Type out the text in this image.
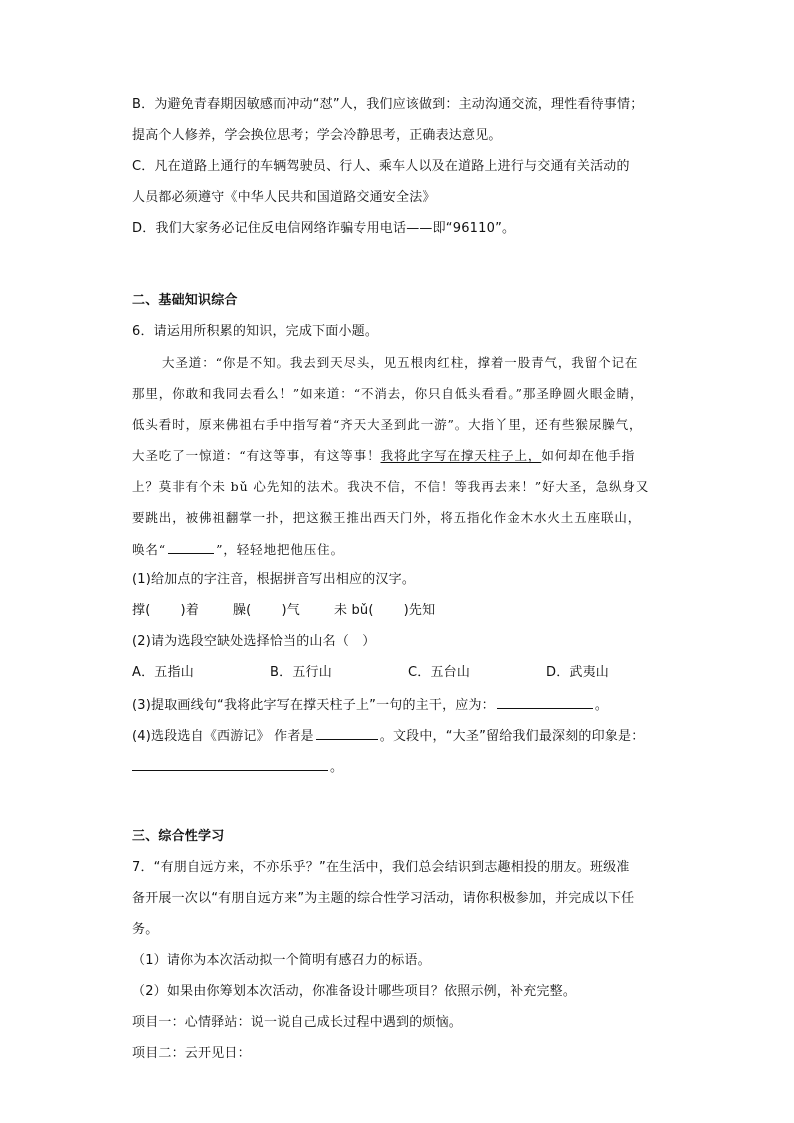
B．为避免青春期因敏感而冲动“怼”人，我们应该做到：主动沟通交流，理性看待事情；
提高个人修养，学会换位思考；学会冷静思考，正确表达意见。
C．凡在道路上通行的车辆驾驶员、行人、乘车人以及在道路上进行与交通有关活动的
人员都必须遵守《中华人民共和国道路交通安全法》
D．我们大家务必记住反电信网络诈骗专用电话——即“96110”。
二、基础知识综合
6．请运用所积累的知识，完成下面小题。
大圣道：“你是不知。我去到天尽头，见五根肉红柱，撑着一股青气，我留个记在
那里，你敢和我同去看么！”如来道：“不消去，你只自低头看看。”那圣睁圆火眼金睛，
低头看时，原来佛祖右手中指写着“齐天大圣到此一游”。大指丫里，还有些猴尿臊气，
大圣吃了一惊道：“有这等事，有这等事！我将此字写在撑天柱子上，如何却在他手指
上？莫非有个未 bǔ 心先知的法术。我决不信，不信！等我再去来！”好大圣，急纵身又
要跳出，被佛祖翻掌一扑，把这猴王推出西天门外，将五指化作金木水火土五座联山，
唤名“	”，轻轻地把他压住。
(1)给加点的字注音，根据拼音写出相应的汉字。
撑( )着	臊( )气	未 bǔ( )先知
(2)请为选段空缺处选择恰当的山名（　）
A．五指山	B．五行山	C．五台山	D．武夷山
(3)提取画线句“我将此字写在撑天柱子上”一句的主干，应为：	。
(4)选段选自《西游记》 作者是	。文段中，“大圣”留给我们最深刻的印象是：
。
三、综合性学习
7．“有朋自远方来，不亦乐乎？”在生活中，我们总会结识到志趣相投的朋友。班级准
备开展一次以“有朋自远方来”为主题的综合性学习活动，请你积极参加，并完成以下任
务。
（1）请你为本次活动拟一个简明有感召力的标语。
（2）如果由你筹划本次活动，你准备设计哪些项目？依照示例，补充完整。
项目一：心情驿站：说一说自己成长过程中遇到的烦恼。
项目二：云开见日：
